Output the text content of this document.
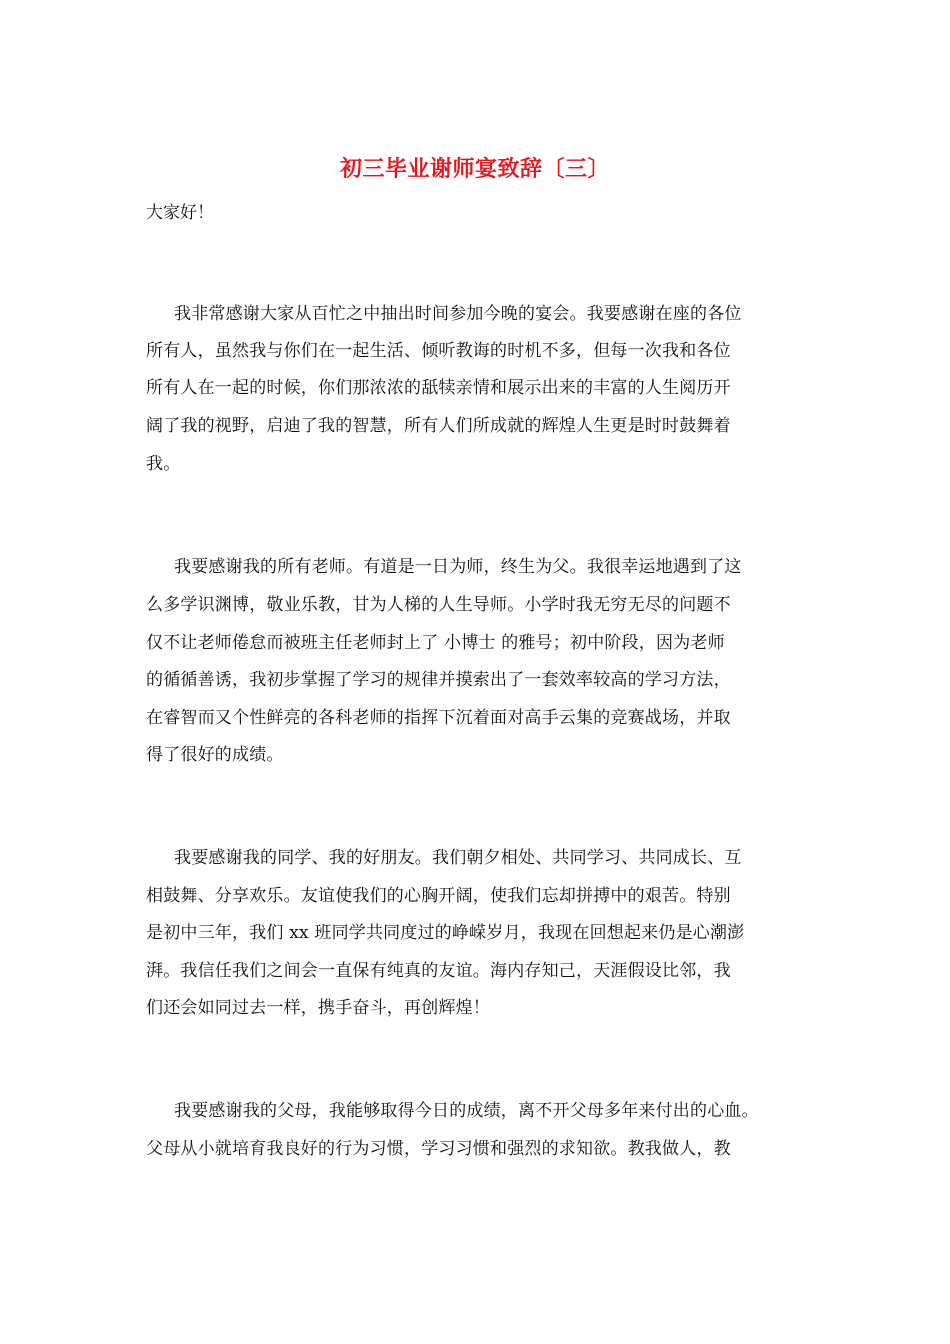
初三毕业谢师宴致辞〔三〕
大家好！
我非常感谢大家从百忙之中抽出时间参加今晚的宴会。我要感谢在座的各位
所有人，虽然我与你们在一起生活、倾听教诲的时机不多，但每一次我和各位
所有人在一起的时候，你们那浓浓的舐犊亲情和展示出来的丰富的人生阅历开
阔了我的视野，启迪了我的智慧，所有人们所成就的辉煌人生更是时时鼓舞着
我。
我要感谢我的所有老师。有道是一日为师，终生为父。我很幸运地遇到了这
么多学识渊博，敬业乐教，甘为人梯的人生导师。小学时我无穷无尽的问题不
仅不让老师倦怠而被班主任老师封上了 小博士 的雅号；初中阶段，因为老师
的循循善诱，我初步掌握了学习的规律并摸索出了一套效率较高的学习方法，
在睿智而又个性鲜亮的各科老师的指挥下沉着面对高手云集的竞赛战场，并取
得了很好的成绩。
我要感谢我的同学、我的好朋友。我们朝夕相处、共同学习、共同成长、互
相鼓舞、分享欢乐。友谊使我们的心胸开阔，使我们忘却拼搏中的艰苦。特别
是初中三年，我们 xx 班同学共同度过的峥嵘岁月，我现在回想起来仍是心潮澎
湃。我信任我们之间会一直保有纯真的友谊。海内存知己，天涯假设比邻，我
们还会如同过去一样，携手奋斗，再创辉煌！
我要感谢我的父母，我能够取得今日的成绩，离不开父母多年来付出的心血。
父母从小就培育我良好的行为习惯，学习习惯和强烈的求知欲。教我做人，教
